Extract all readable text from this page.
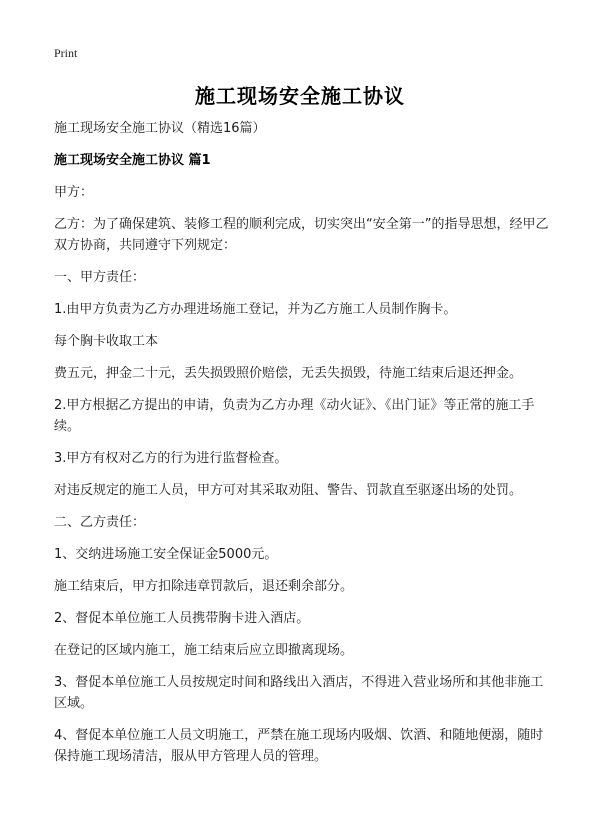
Print
施工现场安全施工协议

施工现场安全施工协议（精选16篇）

施工现场安全施工协议 篇1

甲方：

乙方：为了确保建筑、装修工程的顺利完成，切实突出“安全第一”的指导思想，经甲乙双方协商，共同遵守下列规定：

一、甲方责任：

1.由甲方负责为乙方办理进场施工登记，并为乙方施工人员制作胸卡。

每个胸卡收取工本

费五元，押金二十元，丢失损毁照价赔偿，无丢失损毁，待施工结束后退还押金。

2.甲方根据乙方提出的申请，负责为乙方办理《动火证》、《出门证》等正常的施工手续。

3.甲方有权对乙方的行为进行监督检查。

对违反规定的施工人员，甲方可对其采取劝阻、警告、罚款直至驱逐出场的处罚。

二、乙方责任：

1、交纳进场施工安全保证金5000元。

施工结束后，甲方扣除违章罚款后，退还剩余部分。

2、督促本单位施工人员携带胸卡进入酒店。

在登记的区域内施工，施工结束后应立即撤离现场。

3、督促本单位施工人员按规定时间和路线出入酒店，不得进入营业场所和其他非施工区域。

4、督促本单位施工人员文明施工，严禁在施工现场内吸烟、饮酒、和随地便溺，随时保持施工现场清洁，服从甲方管理人员的管理。
